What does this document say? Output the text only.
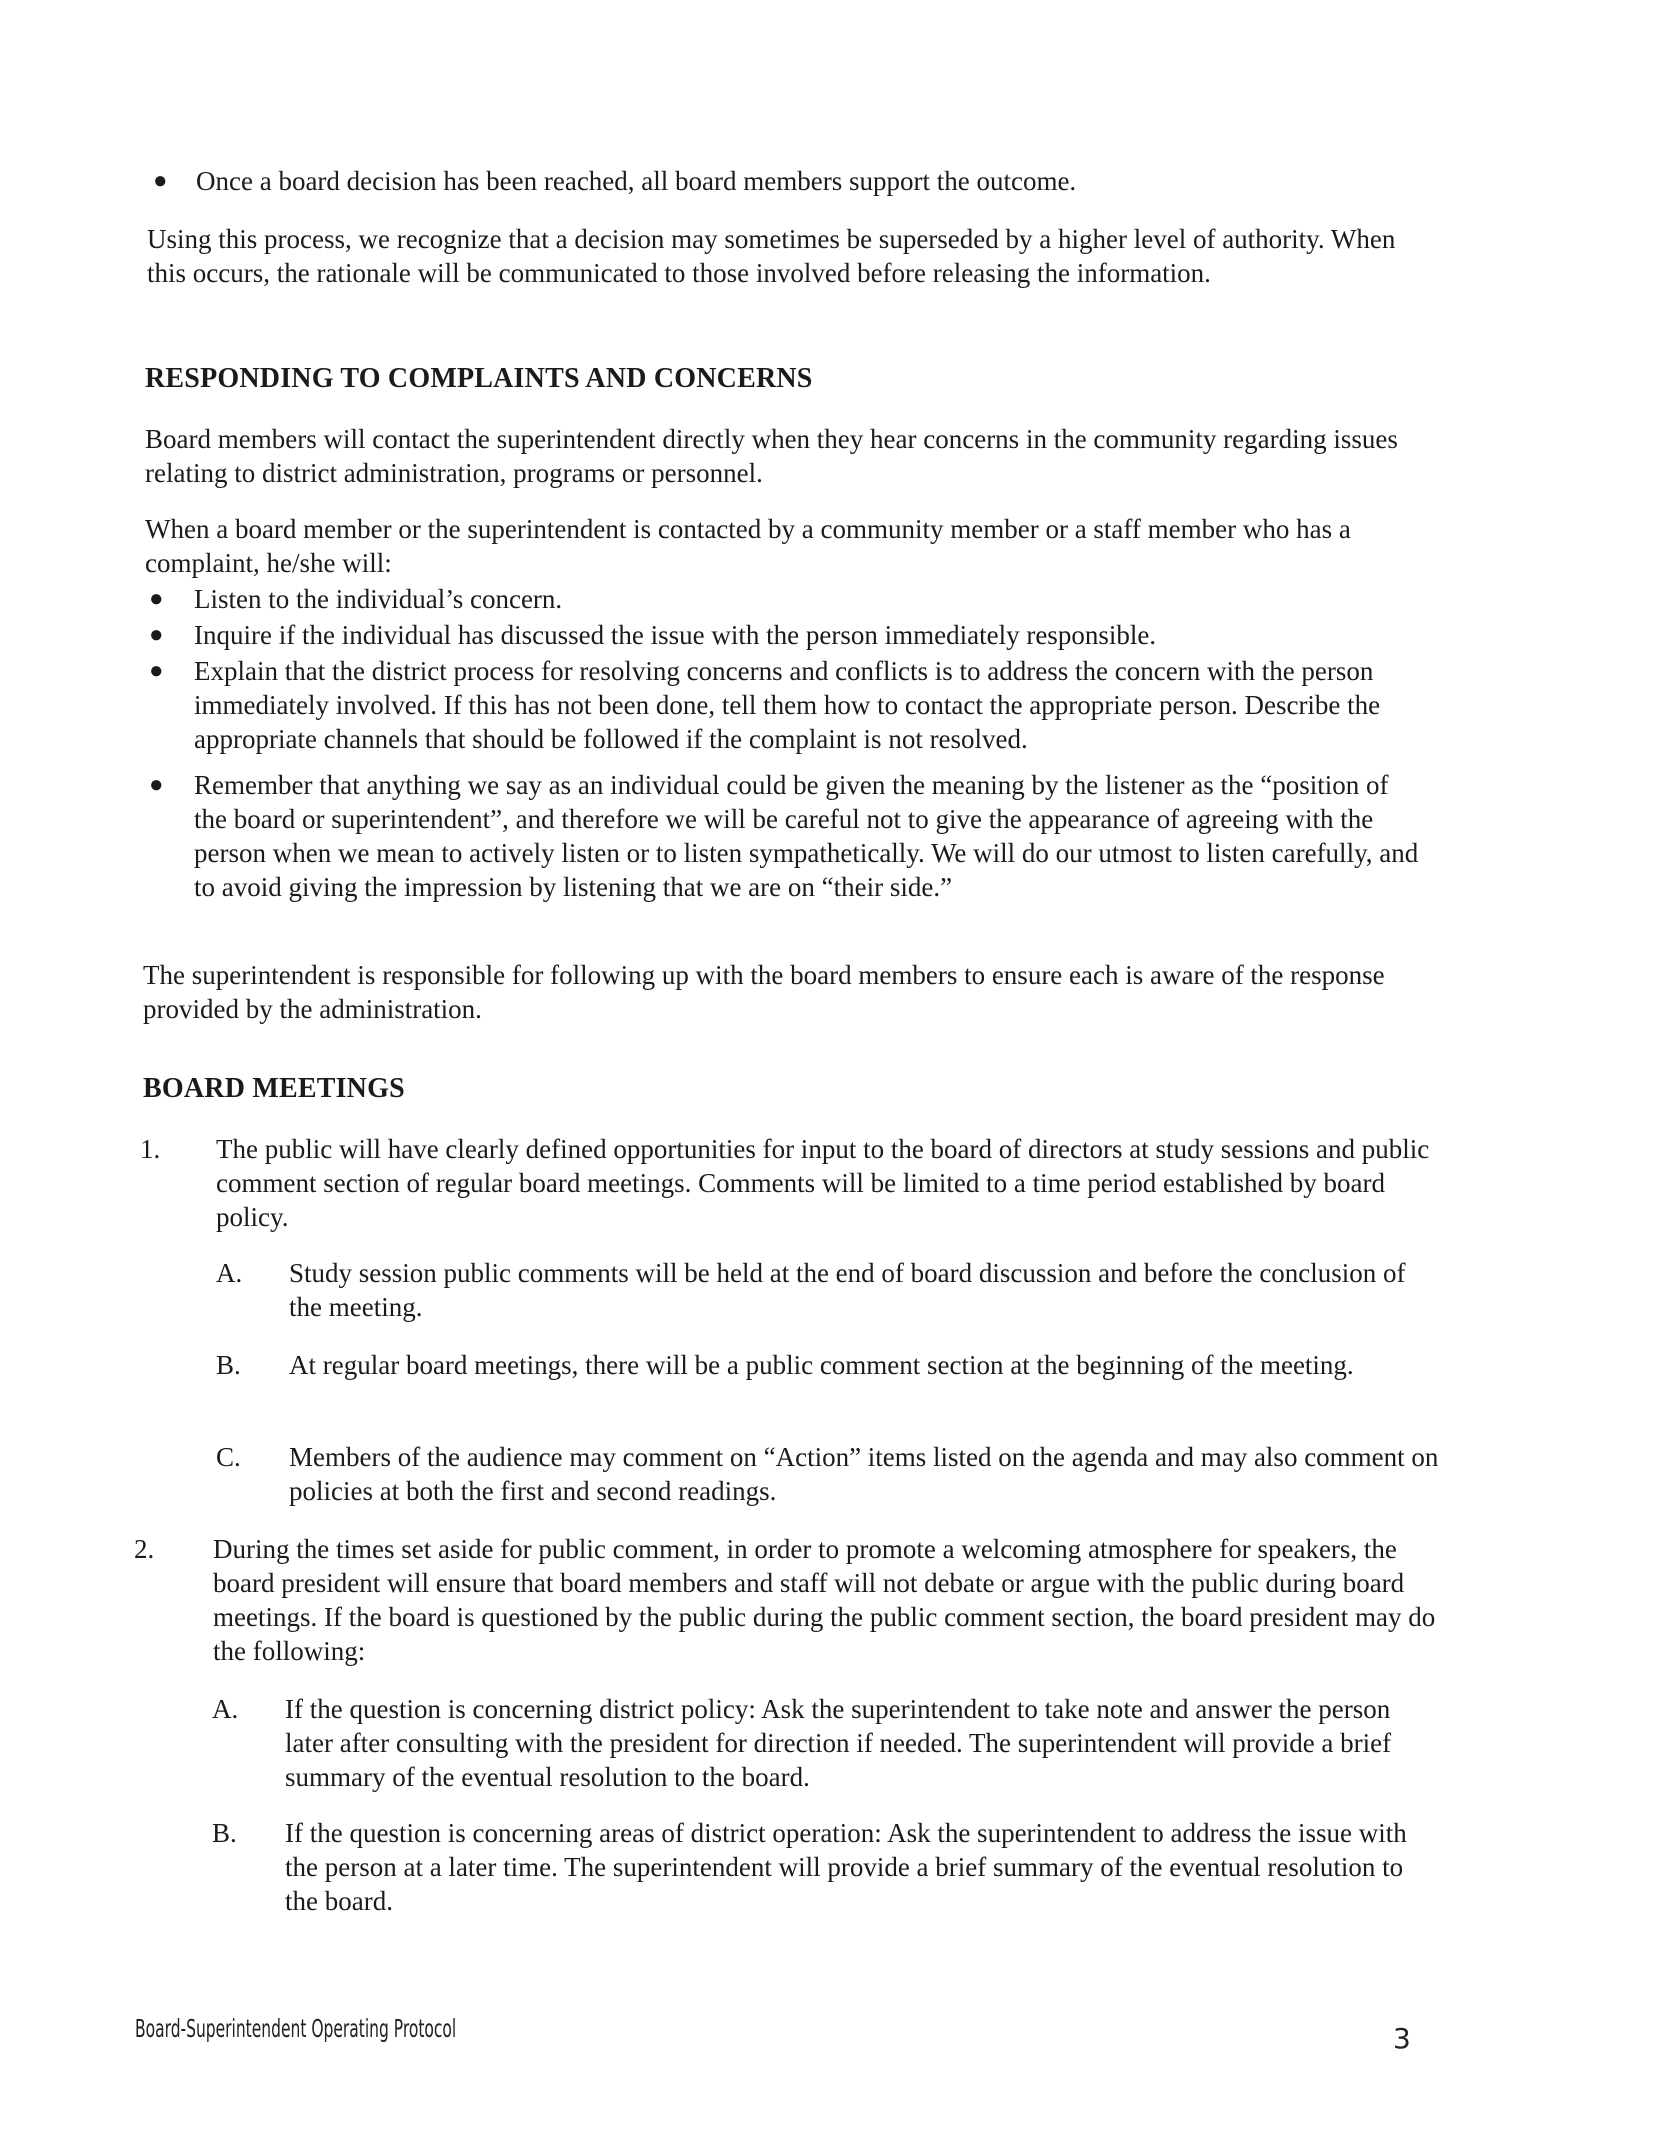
● Once a board decision has been reached, all board members support the outcome.

Using this process, we recognize that a decision may sometimes be superseded by a higher level of authority. When this occurs, the rationale will be communicated to those involved before releasing the information.

RESPONDING TO COMPLAINTS AND CONCERNS

Board members will contact the superintendent directly when they hear concerns in the community regarding issues relating to district administration, programs or personnel.

When a board member or the superintendent is contacted by a community member or a staff member who has a complaint, he/she will:

● Listen to the individual’s concern.

● Inquire if the individual has discussed the issue with the person immediately responsible.

● Explain that the district process for resolving concerns and conflicts is to address the concern with the person immediately involved. If this has not been done, tell them how to contact the appropriate person. Describe the appropriate channels that should be followed if the complaint is not resolved.

● Remember that anything we say as an individual could be given the meaning by the listener as the “position of the board or superintendent”, and therefore we will be careful not to give the appearance of agreeing with the person when we mean to actively listen or to listen sympathetically. We will do our utmost to listen carefully, and to avoid giving the impression by listening that we are on “their side.”

The superintendent is responsible for following up with the board members to ensure each is aware of the response provided by the administration.

BOARD MEETINGS
1. The public will have clearly defined opportunities for input to the board of directors at study sessions and public comment section of regular board meetings. Comments will be limited to a time period established by board policy.

A. Study session public comments will be held at the end of board discussion and before the conclusion of the meeting.

B. At regular board meetings, there will be a public comment section at the beginning of the meeting.

C. Members of the audience may comment on “Action” items listed on the agenda and may also comment on policies at both the first and second readings.

2. During the times set aside for public comment, in order to promote a welcoming atmosphere for speakers, the board president will ensure that board members and staff will not debate or argue with the public during board meetings. If the board is questioned by the public during the public comment section, the board president may do the following:

A. If the question is concerning district policy: Ask the superintendent to take note and answer the person later after consulting with the president for direction if needed. The superintendent will provide a brief summary of the eventual resolution to the board.

B. If the question is concerning areas of district operation: Ask the superintendent to address the issue with the person at a later time. The superintendent will provide a brief summary of the eventual resolution to the board.

Board-Superintendent Operating Protocol	3
